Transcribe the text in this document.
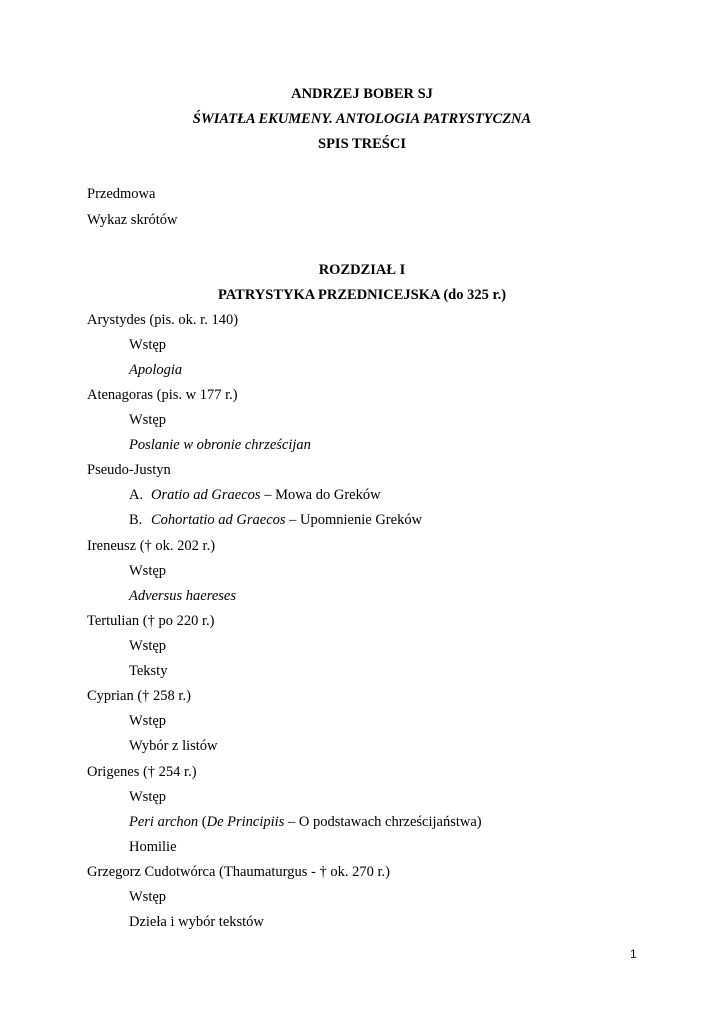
ANDRZEJ BOBER SJ
ŚWIATŁA EKUMENY. ANTOLOGIA PATRYSTYCZNA
SPIS TREŚCI
Przedmowa
Wykaz skrótów
ROZDZIAŁ I
PATRYSTYKA PRZEDNICEJSKA (do 325 r.)
Arystydes (pis. ok. r. 140)
Wstęp
Apologia
Atenagoras (pis. w 177 r.)
Wstęp
Poslanie w obronie chrześcijan
Pseudo-Justyn
A. Oratio ad Graecos – Mowa do Greków
B. Cohortatio ad Graecos – Upomnienie Greków
Ireneusz († ok. 202 r.)
Wstęp
Adversus haereses
Tertulian († po 220 r.)
Wstęp
Teksty
Cyprian († 258 r.)
Wstęp
Wybór z listów
Origenes († 254 r.)
Wstęp
Peri archon (De Principiis – O podstawach chrześcijaństwa)
Homilie
Grzegorz Cudotwórca (Thaumaturgus - † ok. 270 r.)
Wstęp
Dzieła i wybór tekstów
1
